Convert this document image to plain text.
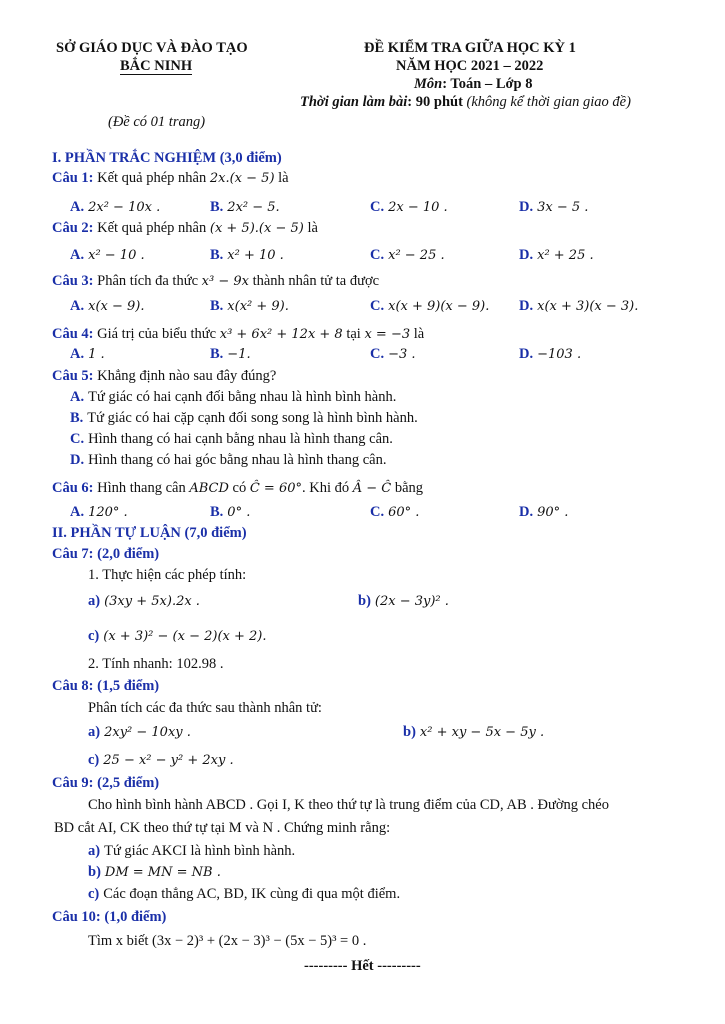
SỞ GIÁO DỤC VÀ ĐÀO TẠO
BẮC NINH
ĐỀ KIỂM TRA GIỮA HỌC KỲ 1
NĂM HỌC 2021 – 2022
Môn: Toán – Lớp 8
Thời gian làm bài: 90 phút (không kể thời gian giao đề)
(Đề có 01 trang)
I. PHẦN TRẮC NGHIỆM (3,0 điểm)
Câu 1: Kết quả phép nhân 2x.(x − 5) là
A. 2x² − 10x .	B. 2x² − 5.	C. 2x − 10 .	D. 3x − 5 .
Câu 2: Kết quả phép nhân (x + 5).(x − 5) là
A. x² − 10 .	B. x² + 10 .	C. x² − 25 .	D. x² + 25 .
Câu 3: Phân tích đa thức x³ − 9x thành nhân tử ta được
A. x(x − 9).	B. x(x² + 9).	C. x(x + 9)(x − 9). D. x(x + 3)(x − 3).
Câu 4: Giá trị của biểu thức x³ + 6x² + 12x + 8 tại x = −3 là
A. 1 .	B. −1.	C. −3 .	D. −103 .
Câu 5: Khẳng định nào sau đây đúng?
A. Tứ giác có hai cạnh đối bằng nhau là hình bình hành.
B. Tứ giác có hai cặp cạnh đối song song là hình bình hành.
C. Hình thang có hai cạnh bằng nhau là hình thang cân.
D. Hình thang có hai góc bằng nhau là hình thang cân.
Câu 6: Hình thang cân ABCD có Ĉ = 60°. Khi đó Â − Ĉ bằng
A. 120° .	B. 0° .	C. 60° .	D. 90° .
II. PHẦN TỰ LUẬN (7,0 điểm)
Câu 7: (2,0 điểm)
1. Thực hiện các phép tính:
a) (3xy + 5x).2x .	b) (2x − 3y)² .
c) (x + 3)² − (x − 2)(x + 2).
2. Tính nhanh: 102.98 .
Câu 8: (1,5 điểm)
Phân tích các đa thức sau thành nhân tử:
a) 2xy² − 10xy .	b) x² + xy − 5x − 5y .
c) 25 − x² − y² + 2xy .
Câu 9: (2,5 điểm)
Cho hình bình hành ABCD . Gọi I, K theo thứ tự là trung điểm của CD, AB . Đường chéo
BD cắt AI, CK theo thứ tự tại M và N . Chứng minh rằng:
a) Tứ giác AKCI là hình bình hành.
b) DM = MN = NB .
c) Các đoạn thẳng AC, BD, IK cùng đi qua một điểm.
Câu 10: (1,0 điểm)
Tìm x biết (3x − 2)³ + (2x − 3)³ − (5x − 5)³ = 0 .
--------- Hết ---------
